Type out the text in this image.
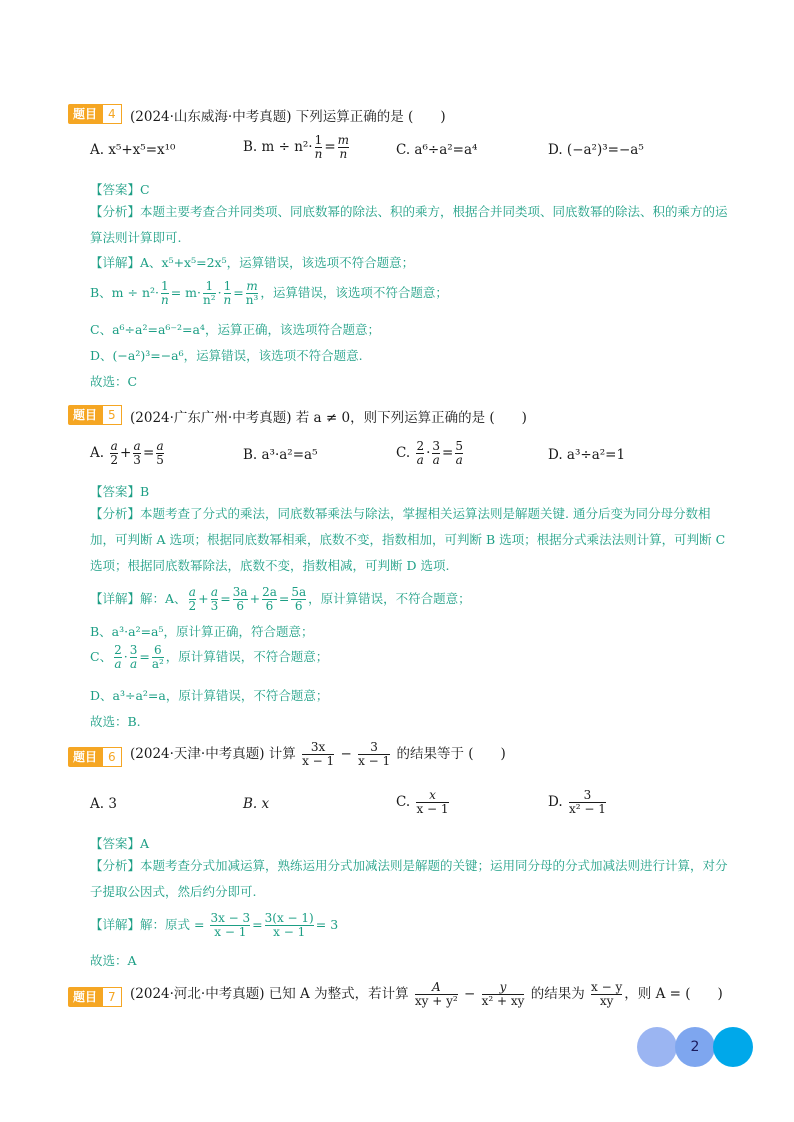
题目 4	(2024·山东威海·中考真题) 下列运算正确的是 (　　)
A. x⁵+x⁵=x¹⁰	B. $m \div n^2\cdot \frac{1}{n} = \frac{m}{n}$	C. a⁶÷a²=a⁴	D. (−a²)³=−a⁵
【答案】C
【分析】本题主要考查合并同类项、同底数幂的除法、积的乘方，根据合并同类项、同底数幂的除法、积的乘方的运算法则计算即可.
【详解】A、x⁵+x⁵=2x⁵，运算错误，该选项不符合题意；
B、$m \div n^2\cdot \frac{1}{n} = m\cdot \frac{1}{\text{n²}} \cdot \frac{1}{n} = \frac{m}{\text{n³}}$ ，运算错误，该选项不符合题意；
C、a⁶÷a²=a⁶⁻²=a⁴，运算正确，该选项符合题意；
D、(−a²)³=−a⁶，运算错误，该选项不符合题意.
故选：C
题目 5	(2024·广东广州·中考真题) 若 a ≠ 0，则下列运算正确的是 (　　)
A. $\frac{a}{2} + \frac{a}{3} = \frac{a}{5}$	B. a³·a²=a⁵	C. $\frac{2}{a} \cdot \frac{3}{a} = \frac{5}{a}$	D. a³÷a²=1
【答案】B
【分析】本题考查了分式的乘法，同底数幂乘法与除法，掌握相关运算法则是解题关键. 通分后变为同分母分数相加，可判断 A 选项；根据同底数幂相乘，底数不变，指数相加，可判断 B 选项；根据分式乘法法则计算，可判断 C 选项；根据同底数幂除法，底数不变，指数相减，可判断 D 选项.
【详解】解：A、 $\frac{a}{2} + \frac{a}{3} = \frac{3a}{6} + \frac{2a}{6} = \frac{5a}{6}$ ，原计算错误，不符合题意；
B、a³·a²=a⁵，原计算正确，符合题意；
C、 $\frac{2}{a} \cdot \frac{3}{a} = \frac{6}{\text{a²}}$ ，原计算错误，不符合题意；
D、a³÷a²=a，原计算错误，不符合题意；
故选：B.
题目 6	(2024·天津·中考真题) 计算 $\frac{3x}{x - 1} - \frac{3}{x - 1}$ 的结果等于 (　　)
A. 3	B. x	C. $\frac{x}{x - 1}$	D. $\frac{3}{\text{x² − 1}}$
【答案】A
【分析】本题考查分式加减运算，熟练运用分式加减法则是解题的关键；运用同分母的分式加减法则进行计算，对分子提取公因式，然后约分即可.
【详解】解：原式 = $\frac{3x - 3}{x - 1} = \frac{3(x - 1)}{x - 1} = 3$
故选：A
题目 7	(2024·河北·中考真题) 已知 A 为整式，若计算 $\frac{A}{\text{xy + y²}} - \frac{y}{\text{x² + xy}}$ 的结果为 $\frac{x - y}{xy}$ ，则 A = (　　)
2
